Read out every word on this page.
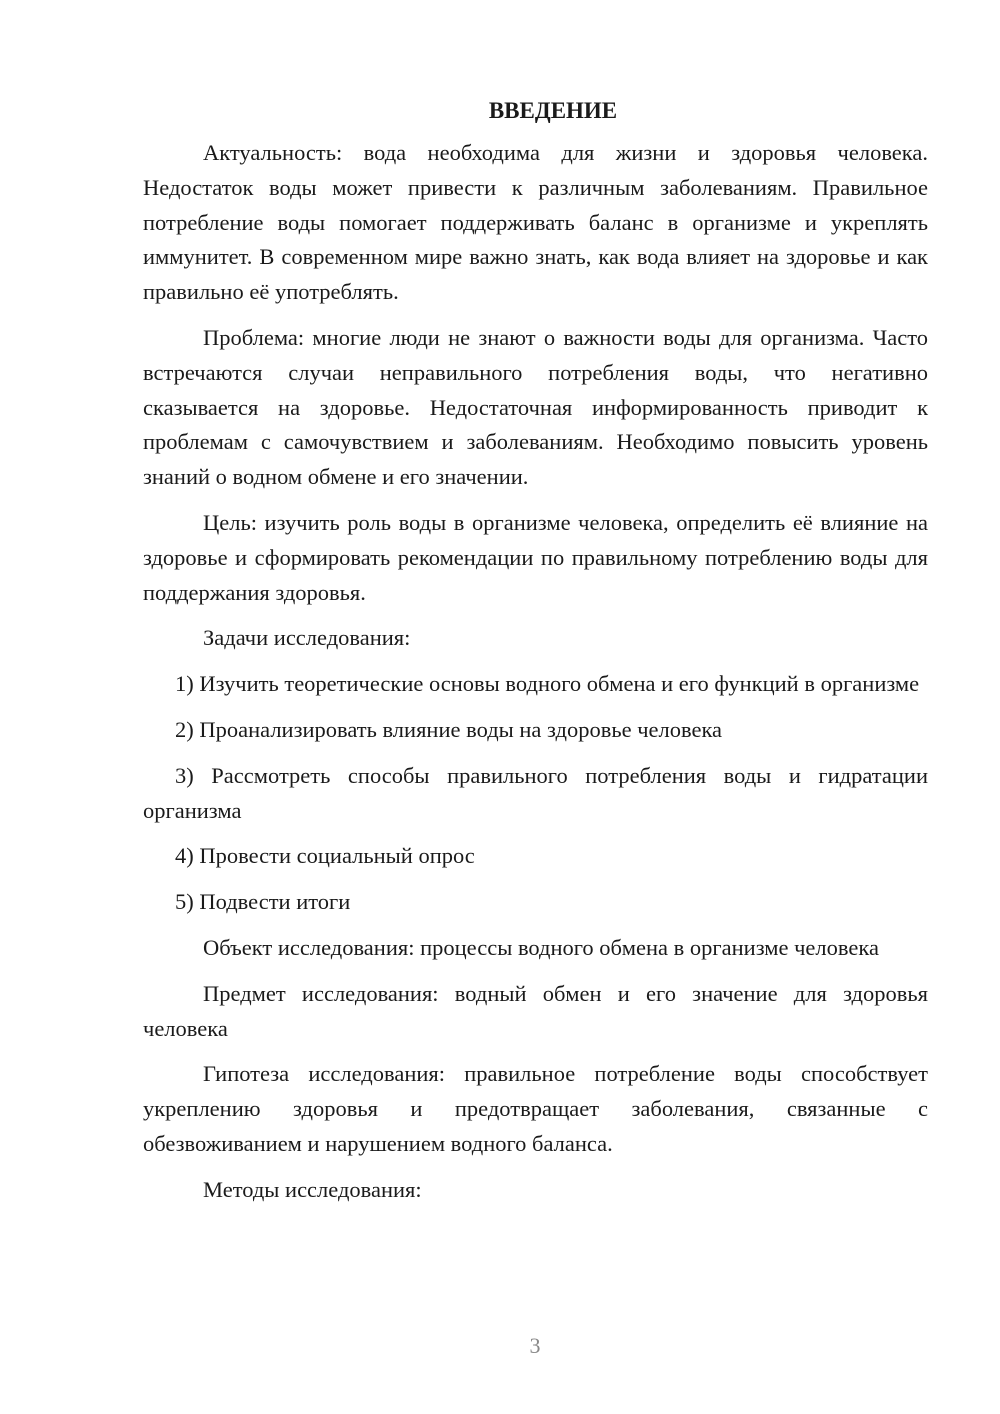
ВВЕДЕНИЕ
Актуальность: вода необходима для жизни и здоровья человека. Недостаток воды может привести к различным заболеваниям. Правильное потребление воды помогает поддерживать баланс в организме и укреплять иммунитет. В современном мире важно знать, как вода влияет на здоровье и как правильно её употреблять.
Проблема: многие люди не знают о важности воды для организма. Часто встречаются случаи неправильного потребления воды, что негативно сказывается на здоровье. Недостаточная информированность приводит к проблемам с самочувствием и заболеваниям. Необходимо повысить уровень знаний о водном обмене и его значении.
Цель: изучить роль воды в организме человека, определить её влияние на здоровье и сформировать рекомендации по правильному потреблению воды для поддержания здоровья.
Задачи исследования:
1) Изучить теоретические основы водного обмена и его функций в организме
2) Проанализировать влияние воды на здоровье человека
3) Рассмотреть способы правильного потребления воды и гидратации организма
4) Провести социальный опрос
5) Подвести итоги
Объект исследования: процессы водного обмена в организме человека
Предмет исследования: водный обмен и его значение для здоровья человека
Гипотеза исследования: правильное потребление воды способствует укреплению здоровья и предотвращает заболевания, связанные с обезвоживанием и нарушением водного баланса.
Методы исследования:
3
